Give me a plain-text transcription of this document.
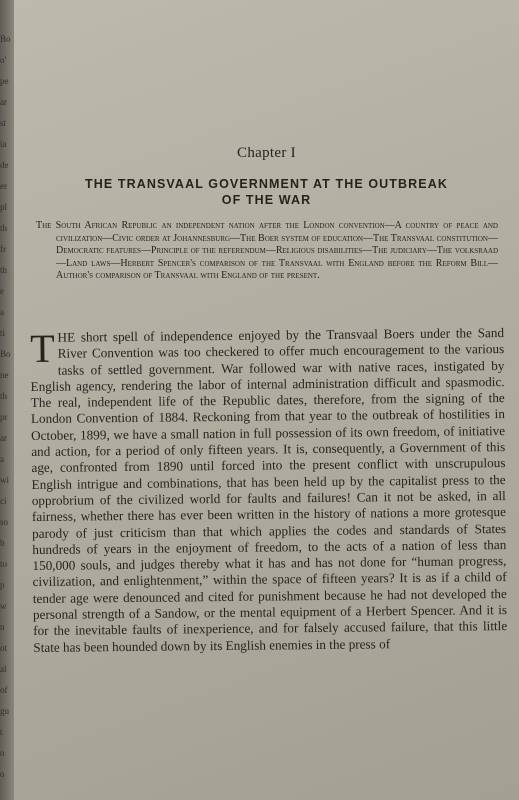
Bo
o'
pe
ar
st
ia
de
er
pl
th
fr
th
e
a
ti
Bo
ne
th
pr
ar
a
wi
ci
so
b
to
p
w
n
ot
al
of
gu
t
o
o
Chapter I
THE TRANSVAAL GOVERNMENT AT THE OUTBREAK
OF THE WAR
The South African Republic an independent nation after the London convention—A country of peace and civilization—Civic order at Johannesburg—The Boer system of education—The Transvaal constitution—Democratic features—Principle of the referendum—Religious disabilities—The judiciary—The volksraad—Land laws—Herbert Spencer's comparison of the Transvaal with England before the Reform Bill—Author's comparison of Transvaal with England of the present.
T HE short spell of independence enjoyed by the Transvaal Boers under the Sand River Convention was too checkered to offer much encouragement to the various tasks of settled government. War followed war with native races, instigated by English agency, rendering the labor of internal administration difficult and spasmodic. The real, independent life of the Republic dates, therefore, from the signing of the London Convention of 1884. Reckoning from that year to the outbreak of hostilities in October, 1899, we have a small nation in full possession of its own freedom, of initiative and action, for a period of only fifteen years. It is, consequently, a Government of this age, confronted from 1890 until forced into the present conflict with unscrupulous English intrigue and combinations, that has been held up by the capitalist press to the opprobrium of the civilized world for faults and failures! Can it not be asked, in all fairness, whether there has ever been written in the history of nations a more grotesque parody of just criticism than that which applies the codes and standards of States hundreds of years in the enjoyment of freedom, to the acts of a nation of less than 150,000 souls, and judges thereby what it has and has not done for “human progress, civilization, and enlightenment,” within the space of fifteen years? It is as if a child of tender age were denounced and cited for punishment because he had not developed the personal strength of a Sandow, or the mental equipment of a Herbert Spencer. And it is for the inevitable faults of inexperience, and for falsely accused failure, that this little State has been hounded down by its English enemies in the press of
